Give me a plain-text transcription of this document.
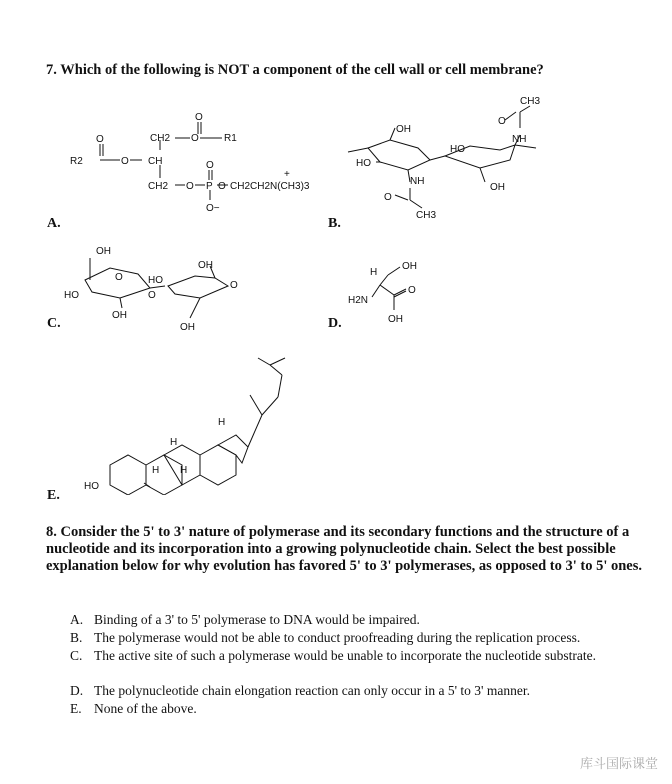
7. Which of the following is NOT a component of the cell wall or cell membrane?
CH2 O
O
R1
O
R2	O CH
CH2 O
O
P
O−
O CH2CH2N(CH3)3
+
A.
OH
HO
NH
O
CH3
HO
NH
O
CH3
OH
B.
OH
HO
O
OH
O
HO
OH
O
OH
C.
H
OH
H2N
O
OH
D.
HO
H
H H
H
E.
8. Consider the 5' to 3' nature of polymerase and its secondary functions and the structure of a nucleotide and its incorporation into a growing polynucleotide chain. Select the best possible explanation below for why evolution has favored 5' to 3' polymerases, as opposed to 3' to 5' ones.
A. Binding of a 3' to 5' polymerase to DNA would be impaired.
B. The polymerase would not be able to conduct proofreading during the replication process.
C. The active site of such a polymerase would be unable to incorporate the nucleotide substrate.
D. The polynucleotide chain elongation reaction can only occur in a 5' to 3' manner.
E. None of the above.
库斗国际课堂
